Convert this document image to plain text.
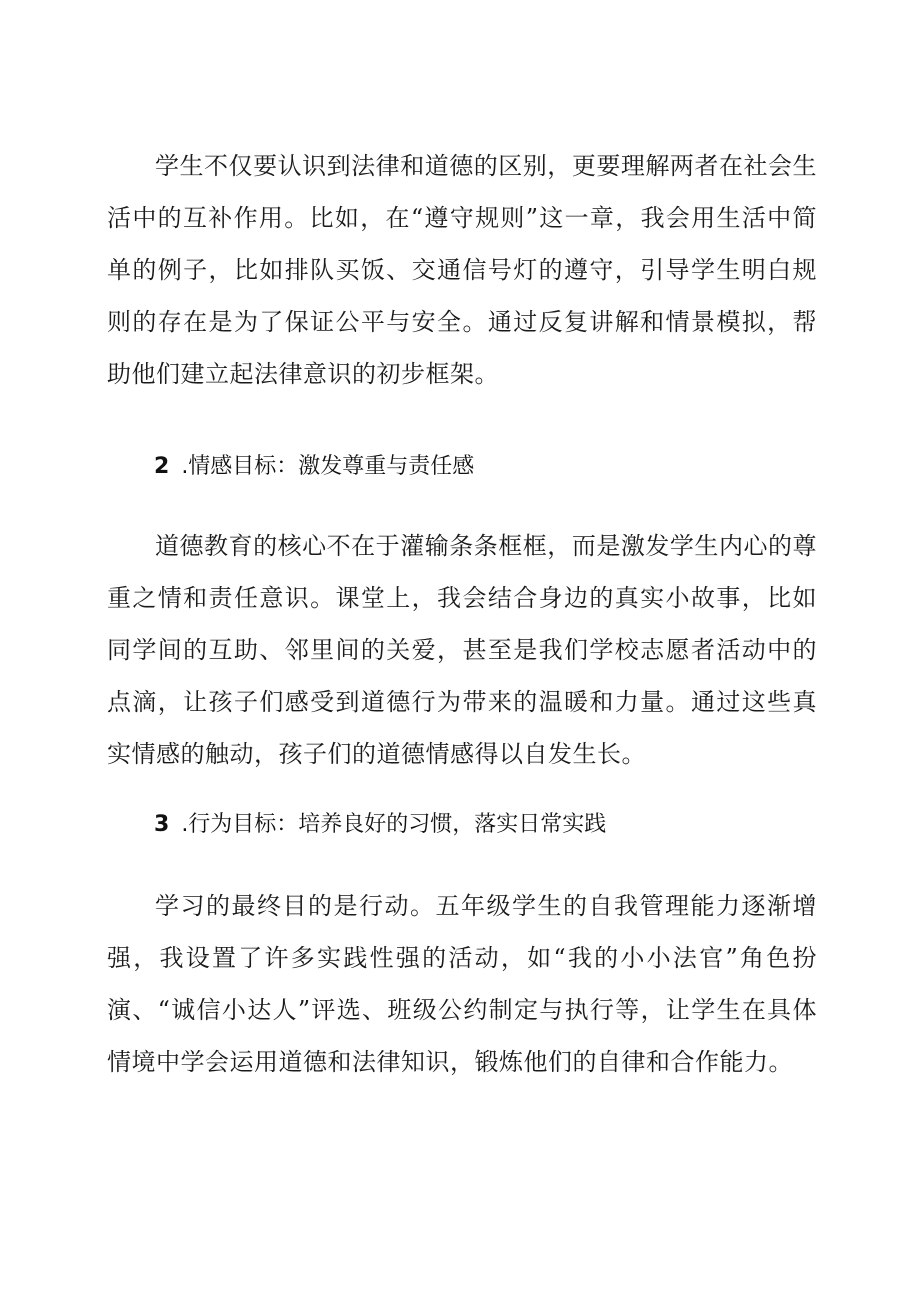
学生不仅要认识到法律和道德的区别，更要理解两者在社会生活中的互补作用。比如，在“遵守规则”这一章，我会用生活中简单的例子，比如排队买饭、交通信号灯的遵守，引导学生明白规则的存在是为了保证公平与安全。通过反复讲解和情景模拟，帮助他们建立起法律意识的初步框架。

2 .情感目标：激发尊重与责任感

道德教育的核心不在于灌输条条框框，而是激发学生内心的尊重之情和责任意识。课堂上，我会结合身边的真实小故事，比如同学间的互助、邻里间的关爱，甚至是我们学校志愿者活动中的点滴，让孩子们感受到道德行为带来的温暖和力量。通过这些真实情感的触动，孩子们的道德情感得以自发生长。

3 .行为目标：培养良好的习惯，落实日常实践

学习的最终目的是行动。五年级学生的自我管理能力逐渐增强，我设置了许多实践性强的活动，如“我的小小法官”角色扮演、“诚信小达人”评选、班级公约制定与执行等，让学生在具体情境中学会运用道德和法律知识，锻炼他们的自律和合作能力。
